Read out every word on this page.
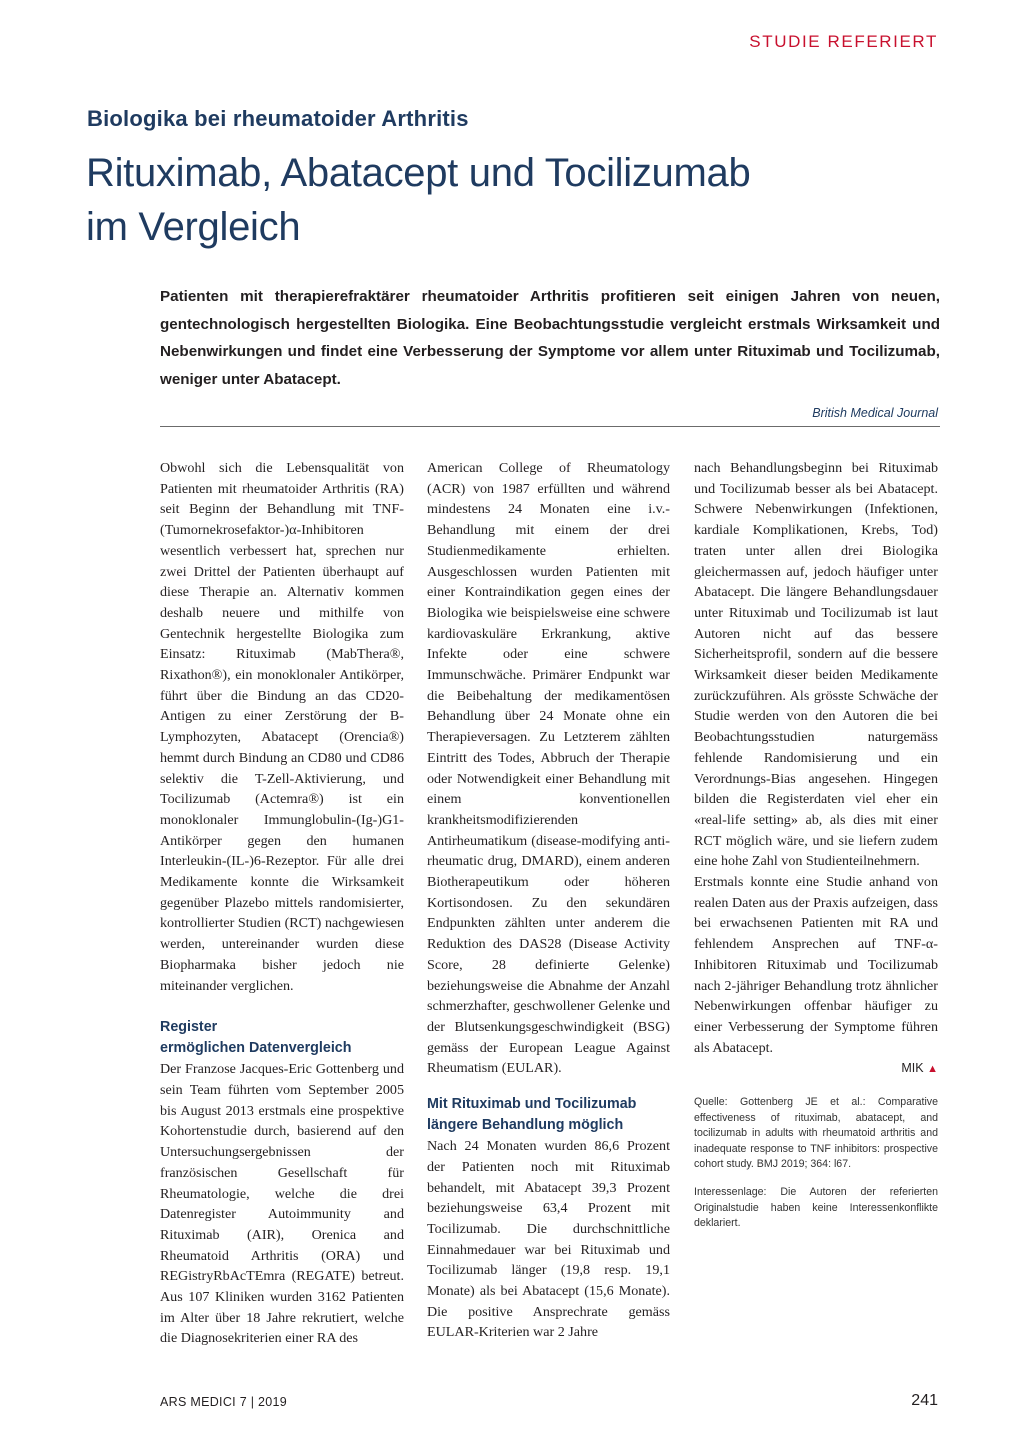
STUDIE REFERIERT
Biologika bei rheumatoider Arthritis
Rituximab, Abatacept und Tocilizumab
im Vergleich

Patienten mit therapierefraktärer rheumatoider Arthritis profitieren seit einigen Jahren von neuen, gentechnologisch hergestellten Biologika. Eine Beobachtungsstudie vergleicht erstmals Wirksamkeit und Nebenwirkungen und findet eine Verbesserung der Symptome vor allem unter Rituximab und Tocilizumab, weniger unter Abatacept.

British Medical Journal

Obwohl sich die Lebensqualität von Patienten mit rheumatoider Arthritis (RA) seit Beginn der Behandlung mit TNF-(Tumornekrosefaktor-)α-Inhibitoren wesentlich verbessert hat, sprechen nur zwei Drittel der Patienten überhaupt auf diese Therapie an. Alternativ kommen deshalb neuere und mithilfe von Gentechnik hergestellte Biologika zum Einsatz: Rituximab (MabThera®, Rixathon®), ein monoklonaler Antikörper, führt über die Bindung an das CD20-Antigen zu einer Zerstörung der B-Lymphozyten, Abatacept (Orencia®) hemmt durch Bindung an CD80 und CD86 selektiv die T-Zell-Aktivierung, und Tocilizumab (Actemra®) ist ein monoklonaler Immunglobulin-(Ig-)G1-Antikörper gegen den humanen Interleukin-(IL-)6-Rezeptor. Für alle drei Medikamente konnte die Wirksamkeit gegenüber Plazebo mittels randomisierter, kontrollierter Studien (RCT) nachgewiesen werden, untereinander wurden diese Biopharmaka bisher jedoch nie miteinander verglichen.

Register
ermöglichen Datenvergleich

Der Franzose Jacques-Eric Gottenberg und sein Team führten vom September 2005 bis August 2013 erstmals eine prospektive Kohortenstudie durch, basierend auf den Untersuchungsergebnissen der französischen Gesellschaft für Rheumatologie, welche die drei Datenregister Autoimmunity and Rituximab (AIR), Orenica and Rheumatoid Arthritis (ORA) und REGistryRbAcTEmra (REGATE) betreut. Aus 107 Kliniken wurden 3162 Patienten im Alter über 18 Jahre rekrutiert, welche die Diagnosekriterien einer RA des

American College of Rheumatology (ACR) von 1987 erfüllten und während mindestens 24 Monaten eine i.v.-Behandlung mit einem der drei Studienmedikamente erhielten. Ausgeschlossen wurden Patienten mit einer Kontraindikation gegen eines der Biologika wie beispielsweise eine schwere kardiovaskuläre Erkrankung, aktive Infekte oder eine schwere Immunschwäche. Primärer Endpunkt war die Beibehaltung der medikamentösen Behandlung über 24 Monate ohne ein Therapieversagen. Zu Letzterem zählten Eintritt des Todes, Abbruch der Therapie oder Notwendigkeit einer Behandlung mit einem konventionellen krankheitsmodifizierenden Antirheumatikum (disease-modifying anti-rheumatic drug, DMARD), einem anderen Biotherapeutikum oder höheren Kortisondosen. Zu den sekundären Endpunkten zählten unter anderem die Reduktion des DAS28 (Disease Activity Score, 28 definierte Gelenke) beziehungsweise die Abnahme der Anzahl schmerzhafter, geschwollener Gelenke und der Blutsenkungsgeschwindigkeit (BSG) gemäss der European League Against Rheumatism (EULAR).

Mit Rituximab und Tocilizumab
längere Behandlung möglich

Nach 24 Monaten wurden 86,6 Prozent der Patienten noch mit Rituximab behandelt, mit Abatacept 39,3 Prozent beziehungsweise 63,4 Prozent mit Tocilizumab. Die durchschnittliche Einnahmedauer war bei Rituximab und Tocilizumab länger (19,8 resp. 19,1 Monate) als bei Abatacept (15,6 Monate). Die positive Ansprechrate gemäss EULAR-Kriterien war 2 Jahre

nach Behandlungsbeginn bei Rituximab und Tocilizumab besser als bei Abatacept. Schwere Nebenwirkungen (Infektionen, kardiale Komplikationen, Krebs, Tod) traten unter allen drei Biologika gleichermassen auf, jedoch häufiger unter Abatacept. Die längere Behandlungsdauer unter Rituximab und Tocilizumab ist laut Autoren nicht auf das bessere Sicherheitsprofil, sondern auf die bessere Wirksamkeit dieser beiden Medikamente zurückzuführen. Als grösste Schwäche der Studie werden von den Autoren die bei Beobachtungsstudien naturgemäss fehlende Randomisierung und ein Verordnungs-Bias angesehen. Hingegen bilden die Registerdaten viel eher ein «real-life setting» ab, als dies mit einer RCT möglich wäre, und sie liefern zudem eine hohe Zahl von Studienteilnehmern.

Erstmals konnte eine Studie anhand von realen Daten aus der Praxis aufzeigen, dass bei erwachsenen Patienten mit RA und fehlendem Ansprechen auf TNF-α-Inhibitoren Rituximab und Tocilizumab nach 2-jähriger Behandlung trotz ähnlicher Nebenwirkungen offenbar häufiger zu einer Verbesserung der Symptome führen als Abatacept.

MIK ▲

Quelle: Gottenberg JE et al.: Comparative effectiveness of rituximab, abatacept, and tocilizumab in adults with rheumatoid arthritis and inadequate response to TNF inhibitors: prospective cohort study. BMJ 2019; 364: l67.

Interessenlage: Die Autoren der referierten Originalstudie haben keine Interessenkonflikte deklariert.

ARS MEDICI 7 | 2019	241
